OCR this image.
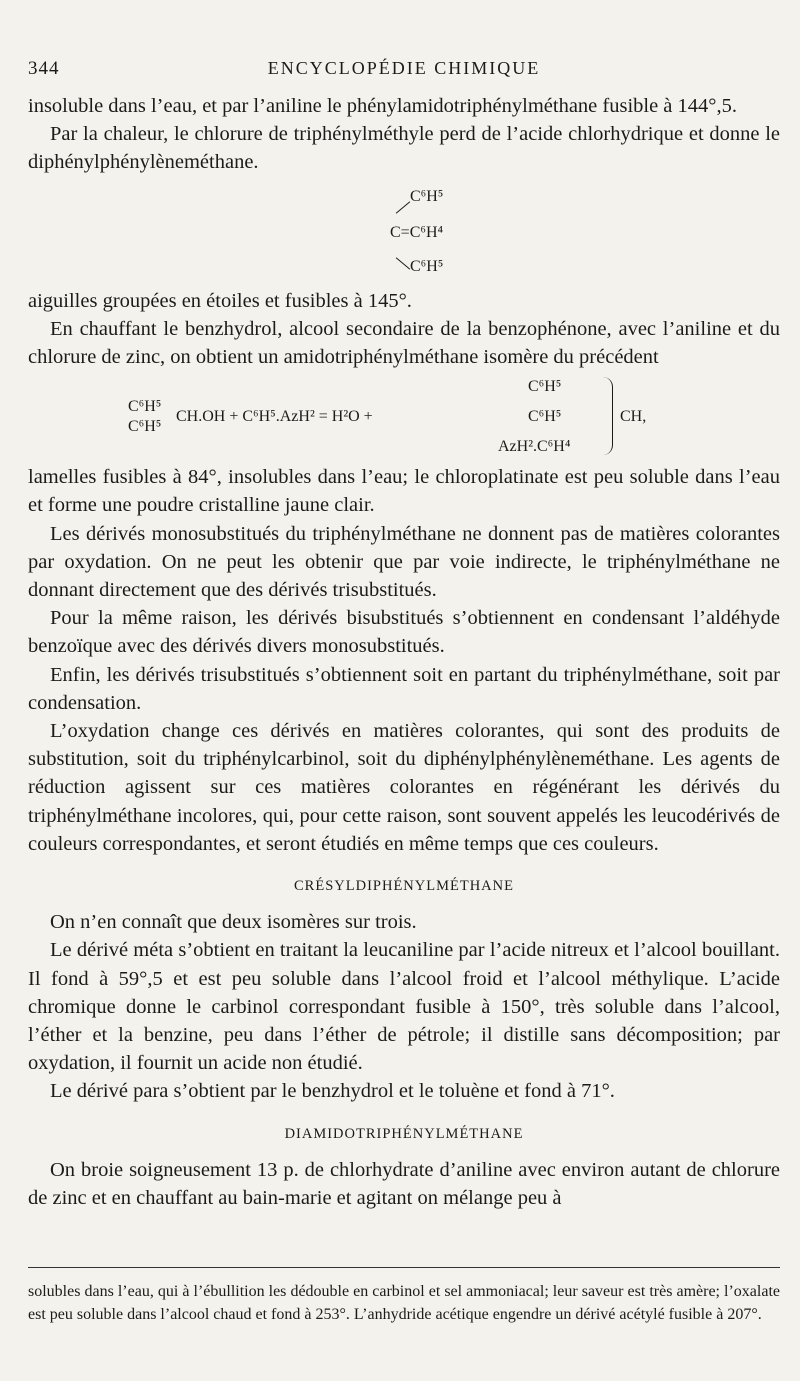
344	ENCYCLOPÉDIE CHIMIQUE

insoluble dans l’eau, et par l’aniline le phénylamidotriphénylméthane fusible à 144°,5.

Par la chaleur, le chlorure de triphénylméthyle perd de l’acide chlorhydrique et donne le diphénylphénylèneméthane.

C⁶H⁵
C=C⁶H⁴
C⁶H⁵

aiguilles groupées en étoiles et fusibles à 145°.

En chauffant le benzhydrol, alcool secondaire de la benzophénone, avec l’aniline et du chlorure de zinc, on obtient un amidotriphénylméthane isomère du précédent

C⁶H⁵
C⁶H⁵
CH.OH + C⁶H⁵.AzH² = H²O +
C⁶H⁵
C⁶H⁵
AzH².C⁶H⁴
CH,

lamelles fusibles à 84°, insolubles dans l’eau; le chloroplatinate est peu soluble dans l’eau et forme une poudre cristalline jaune clair.

Les dérivés monosubstitués du triphénylméthane ne donnent pas de matières colorantes par oxydation. On ne peut les obtenir que par voie indirecte, le triphénylméthane ne donnant directement que des dérivés trisubstitués.

Pour la même raison, les dérivés bisubstitués s’obtiennent en condensant l’aldéhyde benzoïque avec des dérivés divers monosubstitués.

Enfin, les dérivés trisubstitués s’obtiennent soit en partant du triphénylméthane, soit par condensation.

L’oxydation change ces dérivés en matières colorantes, qui sont des produits de substitution, soit du triphénylcarbinol, soit du diphénylphénylèneméthane. Les agents de réduction agissent sur ces matières colorantes en régénérant les dérivés du triphénylméthane incolores, qui, pour cette raison, sont souvent appelés les leucodérivés de couleurs correspondantes, et seront étudiés en même temps que ces couleurs.

CRÉSYLDIPHÉNYLMÉTHANE

On n’en connaît que deux isomères sur trois.

Le dérivé méta s’obtient en traitant la leucaniline par l’acide nitreux et l’alcool bouillant. Il fond à 59°,5 et est peu soluble dans l’alcool froid et l’alcool méthylique. L’acide chromique donne le carbinol correspondant fusible à 150°, très soluble dans l’alcool, l’éther et la benzine, peu dans l’éther de pétrole; il distille sans décomposition; par oxydation, il fournit un acide non étudié.

Le dérivé para s’obtient par le benzhydrol et le toluène et fond à 71°.

DIAMIDOTRIPHÉNYLMÉTHANE

On broie soigneusement 13 p. de chlorhydrate d’aniline avec environ autant de chlorure de zinc et en chauffant au bain-marie et agitant on mélange peu à

solubles dans l’eau, qui à l’ébullition les dédouble en carbinol et sel ammoniacal; leur saveur est très amère; l’oxalate est peu soluble dans l’alcool chaud et fond à 253°. L’anhydride acétique engendre un dérivé acétylé fusible à 207°.
